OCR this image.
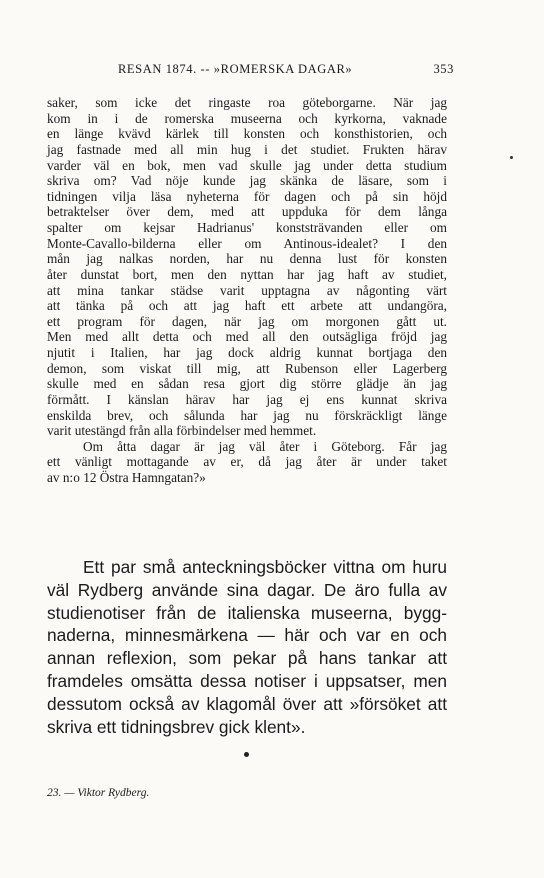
RESAN 1874. -- »ROMERSKA DAGAR»	353
saker, som icke det ringaste roa göteborgarne. När jag
kom in i de romerska museerna och kyrkorna, vaknade
en länge kvävd kärlek till konsten och konsthistorien, och
jag fastnade med all min hug i det studiet. Frukten härav
varder väl en bok, men vad skulle jag under detta studium
skriva om? Vad nöje kunde jag skänka de läsare, som i
tidningen vilja läsa nyheterna för dagen och på sin höjd
betraktelser över dem, med att uppduka för dem långa
spalter om kejsar Hadrianus' konststrävanden eller om
Monte-Cavallo-bilderna eller om Antinous-idealet? I den
mån jag nalkas norden, har nu denna lust för konsten
åter dunstat bort, men den nyttan har jag haft av studiet,
att mina tankar städse varit upptagna av någonting värt
att tänka på och att jag haft ett arbete att undangöra,
ett program för dagen, när jag om morgonen gått ut.
Men med allt detta och med all den outsägliga fröjd jag
njutit i Italien, har jag dock aldrig kunnat bortjaga den
demon, som viskat till mig, att Rubenson eller Lagerberg
skulle med en sådan resa gjort dig större glädje än jag
förmått. I känslan härav har jag ej ens kunnat skriva
enskilda brev, och sålunda har jag nu förskräckligt länge
varit utestängd från alla förbindelser med hemmet.
Om åtta dagar är jag väl åter i Göteborg. Får jag
ett vänligt mottagande av er, då jag åter är under taket
av n:o 12 Östra Hamngatan?»
Ett par små anteckningsböcker vittna om huru
väl Rydberg använde sina dagar. De äro fulla av
studienotiser från de italienska museerna, bygg-
naderna, minnesmärkena — här och var en och
annan reflexion, som pekar på hans tankar att
framdeles omsätta dessa notiser i uppsatser, men
dessutom också av klagomål över att »försöket att
skriva ett tidningsbrev gick klent».
23. — Viktor Rydberg.
